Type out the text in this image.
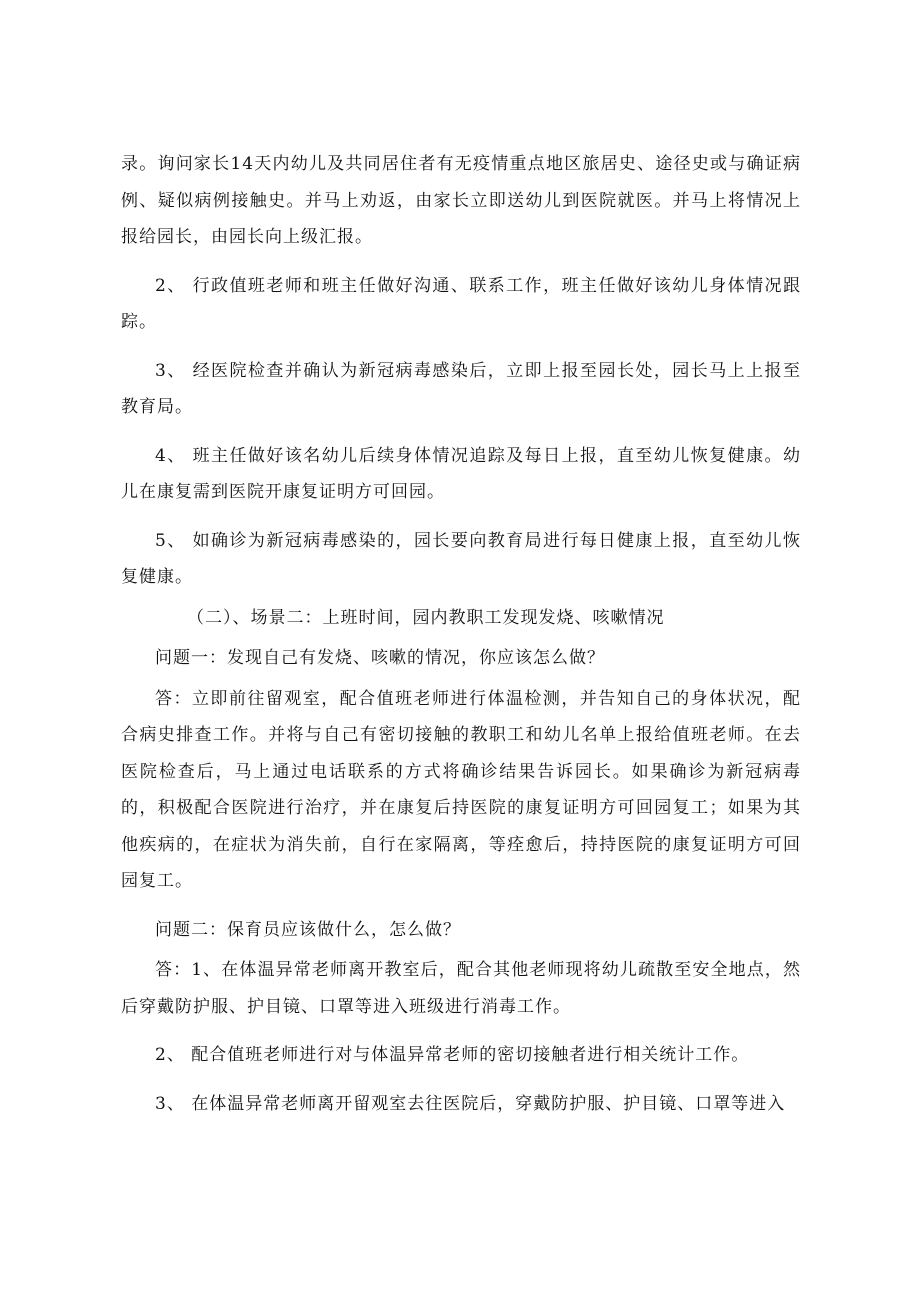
录。询问家长14天内幼儿及共同居住者有无疫情重点地区旅居史、途径史或与确证病例、疑似病例接触史。并马上劝返，由家长立即送幼儿到医院就医。并马上将情况上报给园长，由园长向上级汇报。

2、 行政值班老师和班主任做好沟通、联系工作，班主任做好该幼儿身体情况跟踪。

3、 经医院检查并确认为新冠病毒感染后，立即上报至园长处，园长马上上报至教育局。

4、 班主任做好该名幼儿后续身体情况追踪及每日上报，直至幼儿恢复健康。幼儿在康复需到医院开康复证明方可回园。

5、 如确诊为新冠病毒感染的，园长要向教育局进行每日健康上报，直至幼儿恢复健康。

（二）、场景二：上班时间，园内教职工发现发烧、咳嗽情况

问题一：发现自己有发烧、咳嗽的情况，你应该怎么做？

答：立即前往留观室，配合值班老师进行体温检测，并告知自己的身体状况，配合病史排查工作。并将与自己有密切接触的教职工和幼儿名单上报给值班老师。在去医院检查后，马上通过电话联系的方式将确诊结果告诉园长。如果确诊为新冠病毒的，积极配合医院进行治疗，并在康复后持医院的康复证明方可回园复工；如果为其他疾病的，在症状为消失前，自行在家隔离，等痊愈后，持持医院的康复证明方可回园复工。

问题二：保育员应该做什么，怎么做？

答：1、在体温异常老师离开教室后，配合其他老师现将幼儿疏散至安全地点，然后穿戴防护服、护目镜、口罩等进入班级进行消毒工作。

2、 配合值班老师进行对与体温异常老师的密切接触者进行相关统计工作。

3、 在体温异常老师离开留观室去往医院后，穿戴防护服、护目镜、口罩等进入
